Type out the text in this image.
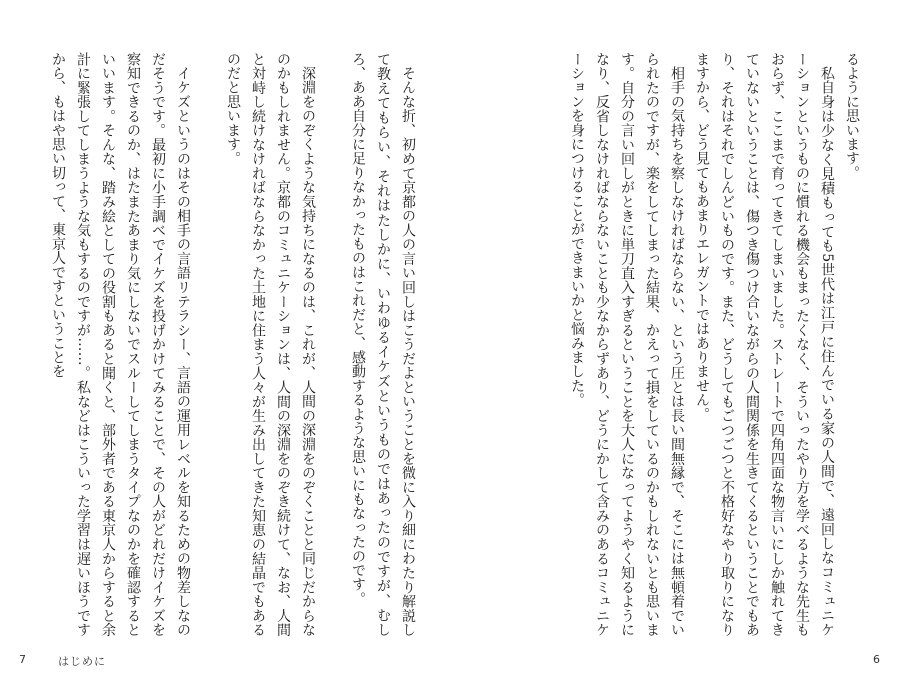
るように思います。
私自身は少なく見積もっても5世代は江戸に住んでいる家の人間で、遠回しなコミュニケーションというものに慣れる機会もまったくなく、そういったやり方を学べるような先生もおらず、ここまで育ってきてしまいました。ストレートで四角四面な物言いにしか触れてきていないということは、傷つき傷つけ合いながらの人間関係を生きてくるということでもあり、それはそれでしんどいものです。また、どうしてもごつごつと不格好なやり取りになりますから、どう見てもあまりエレガントではありません。
相手の気持ちを察しなければならない、という圧とは長い間無縁で、そこには無頓着でいられたのですが、楽をしてしまった結果、かえって損をしているのかもしれないとも思います。自分の言い回しがときに単刀直入すぎるということを大人になってようやく知るようになり、反省しなければならないことも少なからずあり、どうにかして含みのあるコミュニケーションを身につけることができまいかと悩みました。
そんな折、初めて京都の人の言い回しはこうだよということを微に入り細にわたり解説して教えてもらい、それはたしかに、いわゆるイケズというものではあったのですが、むしろ、ああ自分に足りなかったものはこれだと、感動するような思いにもなったのです。
深淵をのぞくような気持ちになるのは、これが、人間の深淵をのぞくことと同じだからなのかもしれません。京都のコミュニケーションは、人間の深淵をのぞき続けて、なお、人間と対峙し続けなければならなかった土地に住まう人々が生み出してきた知恵の結晶でもあるのだと思います。
イケズというのはその相手の言語リテラシー、言語の運用レベルを知るための物差しなのだそうです。最初に小手調べでイケズを投げかけてみることで、その人がどれだけイケズを察知できるのか、はたまたあまり気にしないでスルーしてしまうタイプなのかを確認するといいます。そんな、踏み絵としての役割もあると聞くと、部外者である東京人からすると余計に緊張してしまうような気もするのですが……。私などはこういった学習は遅いほうですから、もはや思い切って、東京人ですということを
7	はじめに	6
